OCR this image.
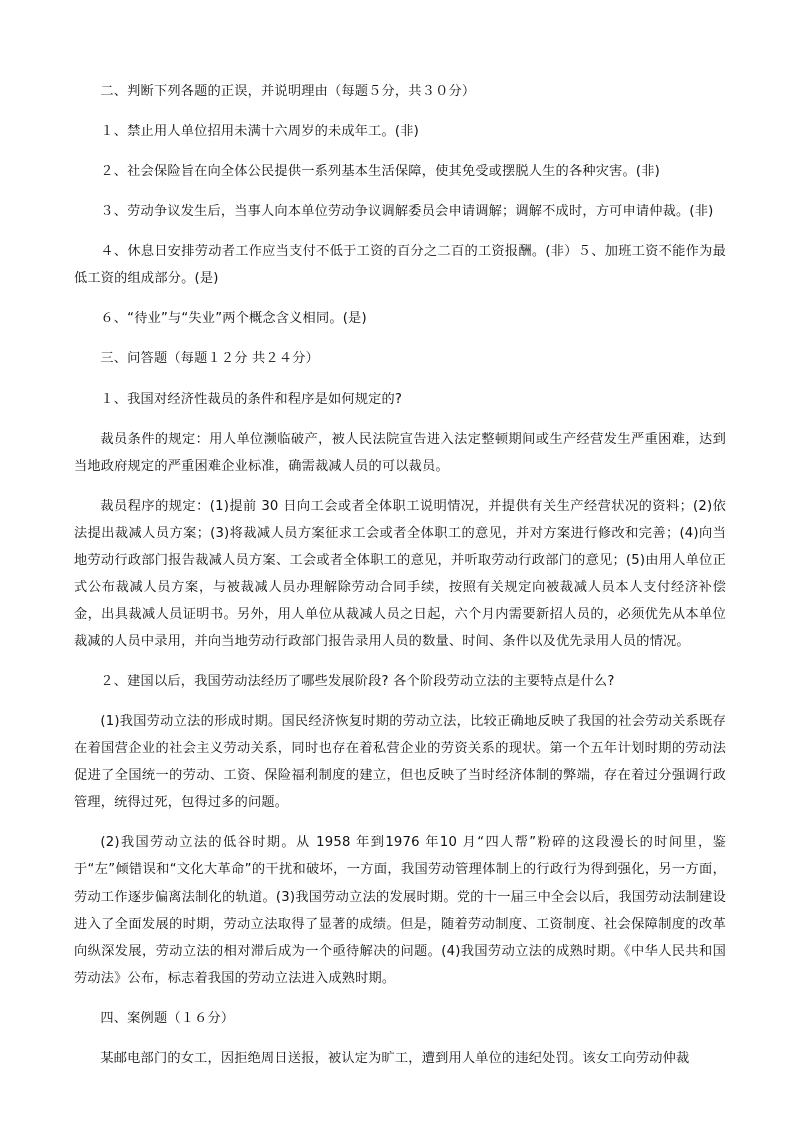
二、判断下列各题的正误，并说明理由（每题５分，共３０分）

１、禁止用人单位招用未满十六周岁的未成年工。(非)

２、社会保险旨在向全体公民提供一系列基本生活保障，使其免受或摆脱人生的各种灾害。(非)

３、劳动争议发生后，当事人向本单位劳动争议调解委员会申请调解；调解不成时，方可申请仲裁。(非)

４、休息日安排劳动者工作应当支付不低于工资的百分之二百的工资报酬。(非）５、加班工资不能作为最低工资的组成部分。(是)

６、“待业”与“失业”两个概念含义相同。(是)

三、问答题（每题１２分 共２４分）

１、我国对经济性裁员的条件和程序是如何规定的?

裁员条件的规定：用人单位濒临破产，被人民法院宣告进入法定整顿期间或生产经营发生严重困难，达到当地政府规定的严重困难企业标准，确需裁减人员的可以裁员。

裁员程序的规定：(1)提前 30 日向工会或者全体职工说明情况，并提供有关生产经营状况的资料；(2)依法提出裁减人员方案；(3)将裁减人员方案征求工会或者全体职工的意见，并对方案进行修改和完善；(4)向当地劳动行政部门报告裁减人员方案、工会或者全体职工的意见，并听取劳动行政部门的意见；(5)由用人单位正式公布裁减人员方案，与被裁减人员办理解除劳动合同手续，按照有关规定向被裁减人员本人支付经济补偿金，出具裁减人员证明书。另外，用人单位从裁减人员之日起，六个月内需要新招人员的，必须优先从本单位裁减的人员中录用，并向当地劳动行政部门报告录用人员的数量、时间、条件以及优先录用人员的情况。

２、建国以后，我国劳动法经历了哪些发展阶段? 各个阶段劳动立法的主要特点是什么?

(1)我国劳动立法的形成时期。国民经济恢复时期的劳动立法，比较正确地反映了我国的社会劳动关系既存在着国营企业的社会主义劳动关系，同时也存在着私营企业的劳资关系的现状。第一个五年计划时期的劳动法促进了全国统一的劳动、工资、保险福利制度的建立，但也反映了当时经济体制的弊端，存在着过分强调行政管理，统得过死，包得过多的问题。

(2)我国劳动立法的低谷时期。从 1958 年到1976 年10 月“四人帮”粉碎的这段漫长的时间里，鉴于“左”倾错误和“文化大革命”的干扰和破坏，一方面，我国劳动管理体制上的行政行为得到强化，另一方面，劳动工作逐步偏离法制化的轨道。(3)我国劳动立法的发展时期。党的十一届三中全会以后，我国劳动法制建设进入了全面发展的时期，劳动立法取得了显著的成绩。但是，随着劳动制度、工资制度、社会保障制度的改革向纵深发展，劳动立法的相对滞后成为一个亟待解决的问题。(4)我国劳动立法的成熟时期。《中华人民共和国劳动法》公布，标志着我国的劳动立法进入成熟时期。

四、案例题（１６分）

某邮电部门的女工，因拒绝周日送报，被认定为旷工，遭到用人单位的违纪处罚。该女工向劳动仲裁
